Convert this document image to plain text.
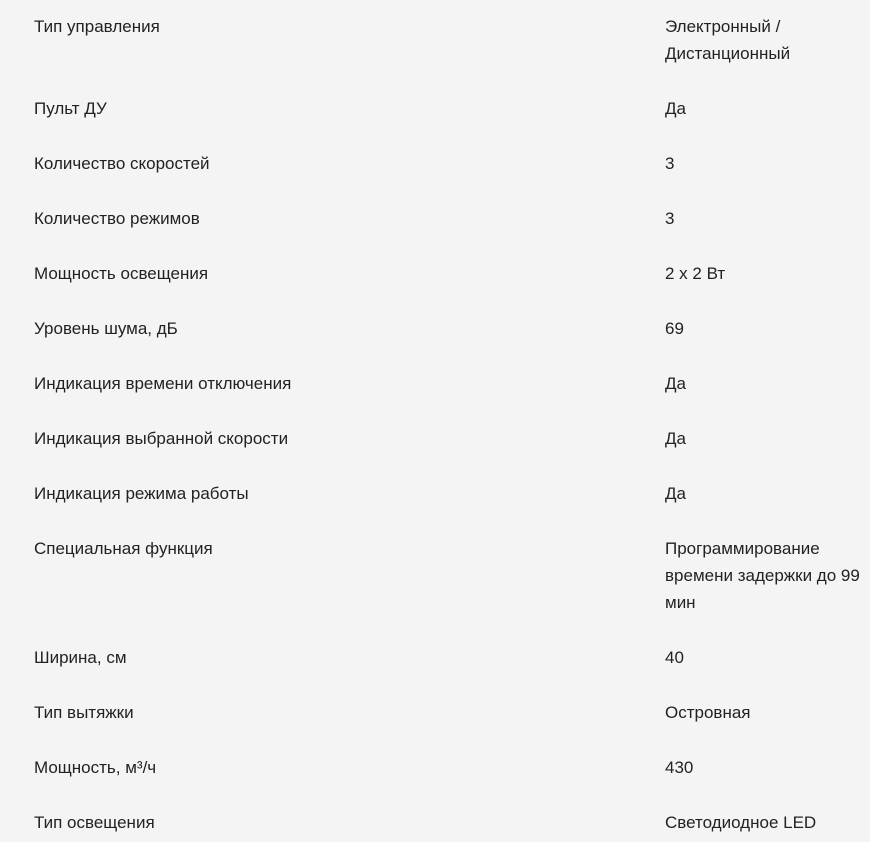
Тип управления	Электронный / Дистанционный
Пульт ДУ	Да
Количество скоростей	3
Количество режимов	3
Мощность освещения	2 x 2 Вт
Уровень шума, дБ	69
Индикация времени отключения	Да
Индикация выбранной скорости	Да
Индикация режима работы	Да
Специальная функция	Программирование времени задержки до 99 мин
Ширина, см	40
Тип вытяжки	Островная
Мощность, м³/ч	430
Тип освещения	Светодиодное LED
